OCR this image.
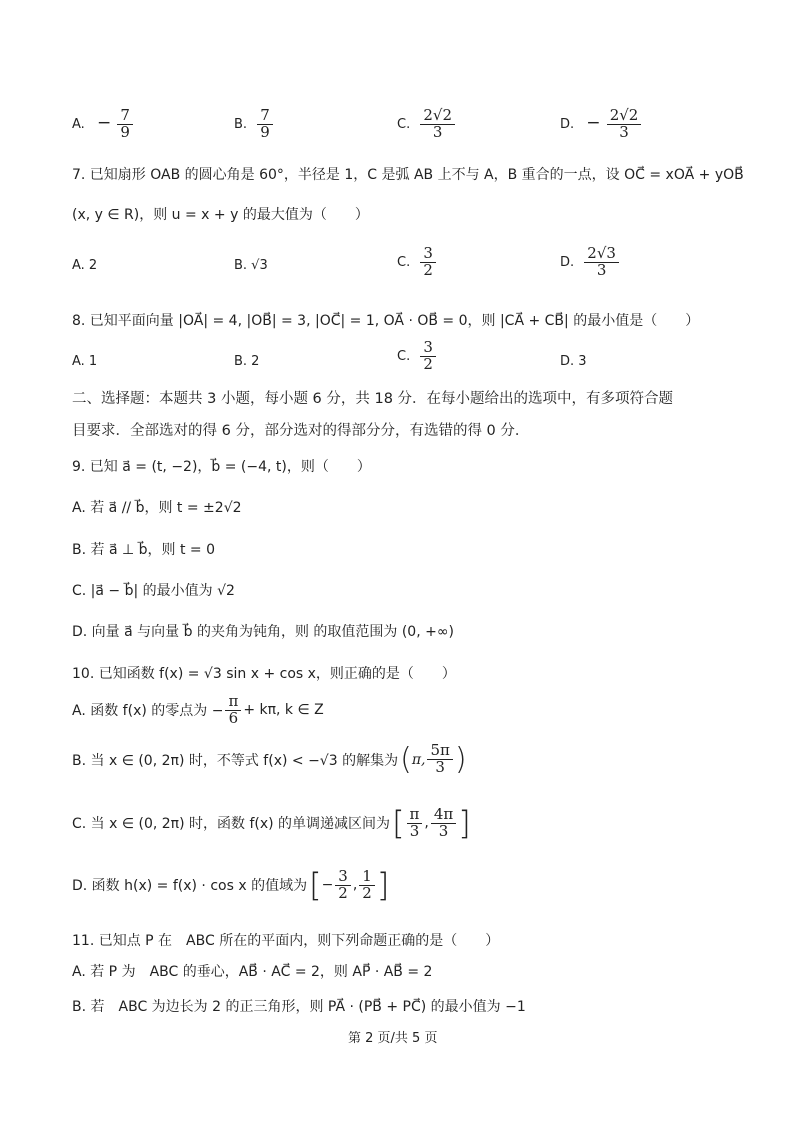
A. − $\frac{7}{9}$	B. $\frac{7}{9}$	C. $\frac{2√2}{3}$	D. − $\frac{2√2}{3}$
7. 已知扇形 OAB 的圆心角是 60°，半径是 1，C 是弧 AB 上不与 A，B 重合的一点，设 OC⃗ = xOA⃗ + yOB⃗
(x, y ∈ R)，则 u = x + y 的最大值为（　　）
A. 2	B. √3	C. $\frac{3}{2}$	D. $\frac{2√3}{3}$
8. 已知平面向量 |OA⃗| = 4, |OB⃗| = 3, |OC⃗| = 1, OA⃗ · OB⃗ = 0，则 |CA⃗ + CB⃗| 的最小值是（　　）
A. 1	B. 2	C. $\frac{3}{2}$	D. 3
二、选择题：本题共 3 小题，每小题 6 分，共 18 分．在每小题给出的选项中，有多项符合题
目要求．全部选对的得 6 分，部分选对的得部分分，有选错的得 0 分．
9. 已知 a⃗ = (t, −2)，b⃗ = (−4, t)，则（　　）
A. 若 a⃗ // b⃗，则 t = ±2√2
B. 若 a⃗ ⊥ b⃗，则 t = 0
C. |a⃗ − b⃗| 的最小值为 √2
D. 向量 a⃗ 与向量 b⃗ 的夹角为钝角，则 的取值范围为 (0, +∞)
10. 已知函数 f(x) = √3 sin x + cos x，则正确的是（　　）
A. 函数 f(x) 的零点为 − $\frac{\pi}{6} + k\pi$, k ∈ Z
B. 当 x ∈ (0, 2π) 时，不等式 f(x) < −√3 的解集为 ( π, $\frac{5\pi}{3}$ )
C. 当 x ∈ (0, 2π) 时，函数 f(x) 的单调递减区间为 [ $\frac{\pi}{3}$ , $\frac{4\pi}{3}$ ]
D. 函数 h(x) = f(x) · cos x 的值域为 [ − $\frac{3}{2}$ , $\frac{1}{2}$ ]
11. 已知点 P 在　ABC 所在的平面内，则下列命题正确的是（　　）
A. 若 P 为　ABC 的垂心，AB⃗ · AC⃗ = 2，则 AP⃗ · AB⃗ = 2
B. 若　ABC 为边长为 2 的正三角形，则 PA⃗ · (PB⃗ + PC⃗) 的最小值为 −1
第 2 页/共 5 页
